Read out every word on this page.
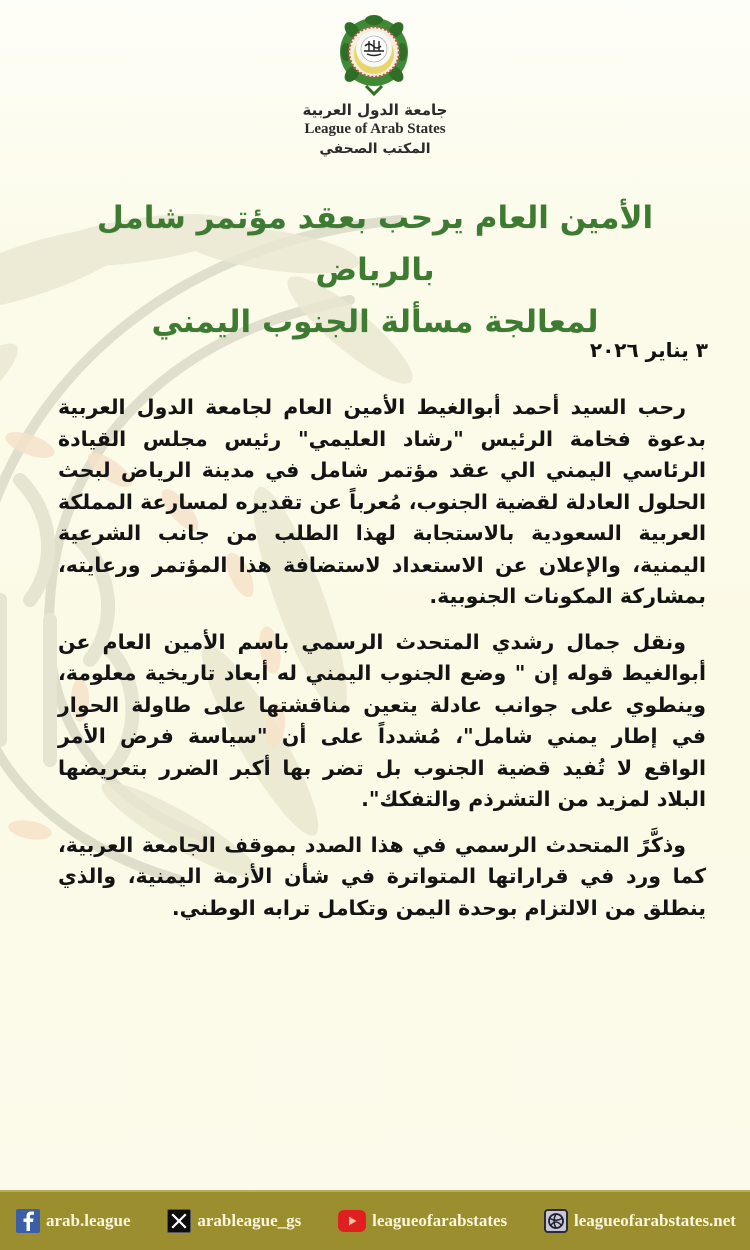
جامعة الدول العربية
League of Arab States
المكتب الصحفي
الأمين العام يرحب بعقد مؤتمر شامل بالرياض
لمعالجة مسألة الجنوب اليمني
٣ يناير ٢٠٢٦

رحب السيد أحمد أبوالغيط الأمين العام لجامعة الدول العربية بدعوة فخامة الرئيس "رشاد العليمي" رئيس مجلس القيادة الرئاسي اليمني الي عقد مؤتمر شامل في مدينة الرياض لبحث الحلول العادلة لقضية الجنوب، مُعرباً عن تقديره لمسارعة المملكة العربية السعودية بالاستجابة لهذا الطلب من جانب الشرعية اليمنية، والإعلان عن الاستعداد لاستضافة هذا المؤتمر ورعايته، بمشاركة المكونات الجنوبية.

ونقل جمال رشدي المتحدث الرسمي باسم الأمين العام عن أبوالغيط قوله إن " وضع الجنوب اليمني له أبعاد تاريخية معلومة، وينطوي على جوانب عادلة يتعين مناقشتها على طاولة الحوار في إطار يمني شامل"، مُشدداً على أن "سياسة فرض الأمر الواقع لا تُفيد قضية الجنوب بل تضر بها أكبر الضرر بتعريضها البلاد لمزيد من التشرذم والتفكك".

وذكَّرً المتحدث الرسمي في هذا الصدد بموقف الجامعة العربية، كما ورد في قراراتها المتواترة في شأن الأزمة اليمنية، والذي ينطلق من الالتزام بوحدة اليمن وتكامل ترابه الوطني.

arab.league	arableague_gs	leagueofarabstates	leagueofarabstates.net
